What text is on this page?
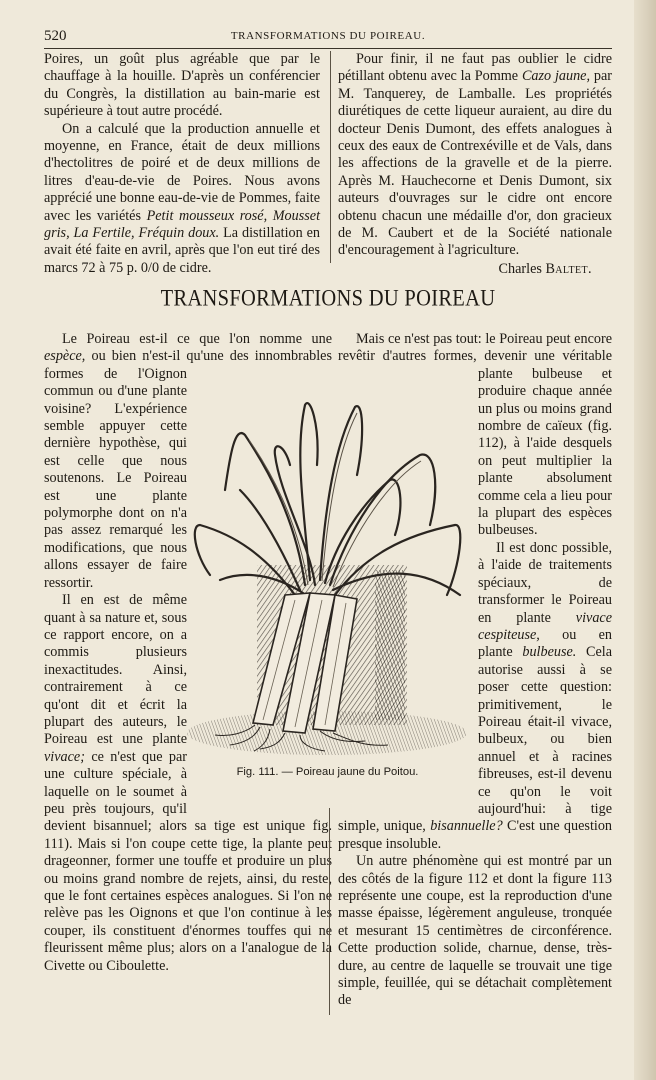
520	TRANSFORMATIONS DU POIREAU.

Poires, un goût plus agréable que par le chauffage à la houille. D'après un conférencier du Congrès, la distillation au bain-marie est supérieure à tout autre procédé.

On a calculé que la production annuelle et moyenne, en France, était de deux millions d'hectolitres de poiré et de deux millions de litres d'eau-de-vie de Poires. Nous avons apprécié une bonne eau-de-vie de Pommes, faite avec les variétés Petit mousseux rosé, Mousset gris, La Fertile, Fréquin doux. La distillation en avait été faite en avril, après que l'on eut tiré des marcs 72 à 75 p. 0/0 de cidre.

Pour finir, il ne faut pas oublier le cidre pétillant obtenu avec la Pomme Cazo jaune, par M. Tanquerey, de Lamballe. Les propriétés diurétiques de cette liqueur auraient, au dire du docteur Denis Dumont, des effets analogues à ceux des eaux de Contrexéville et de Vals, dans les affections de la gravelle et de la pierre. Après M. Hauchecorne et Denis Dumont, six auteurs d'ouvrages sur le cidre ont encore obtenu chacun une médaille d'or, don gracieux de M. Caubert et de la Société nationale d'encouragement à l'agriculture.

Charles Baltet.
TRANSFORMATIONS DU POIREAU

Le Poireau est-il ce que l'on nomme une espèce, ou bien n'est-il qu'une des innombrables formes de l'Oignon commun ou d'une plante voisine? L'expérience semble appuyer cette dernière hypothèse, qui est celle que nous soutenons. Le Poireau est une plante polymorphe dont on n'a pas assez remarqué les modifications, que nous allons essayer de faire ressortir.

Il en est de même quant à sa nature et, sous ce rapport encore, on a commis plusieurs inexactitudes. Ainsi, contrairement à ce qu'ont dit et écrit la plupart des auteurs, le Poireau est une plante vivace; ce n'est que par une culture spéciale, à laquelle on le soumet à peu près toujours, qu'il devient bisannuel; alors sa tige est unique fig. 111). Mais si l'on coupe cette tige, la plante peut drageonner, former une touffe et produire un plus ou moins grand nombre de rejets, ainsi, du reste, que le font certaines espèces analogues. Si l'on ne relève pas les Oignons et que l'on continue à les couper, ils constituent d'énormes touffes qui ne fleurissent même plus; alors on a l'analogue de la Civette ou Ciboulette.

Mais ce n'est pas tout: le Poireau peut encore revêtir d'autres formes, devenir une véritable plante bulbeuse et produire chaque année un plus ou moins grand nombre de caïeux (fig. 112), à l'aide desquels on peut multiplier la plante absolument comme cela a lieu pour la plupart des espèces bulbeuses.

Il est donc possible, à l'aide de traitements spéciaux, de transformer le Poireau en plante vivace cespiteuse, ou en plante bulbeuse. Cela autorise aussi à se poser cette question: primitivement, le Poireau était-il vivace, bulbeux, ou bien annuel et à racines fibreuses, est-il devenu ce qu'on le voit aujourd'hui: à tige simple, unique, bisannuelle? C'est une question presque insoluble.

Un autre phénomène qui est montré par un des côtés de la figure 112 et dont la figure 113 représente une coupe, est la reproduction d'une masse épaisse, légèrement anguleuse, tronquée et mesurant 15 centimètres de circonférence. Cette production solide, charnue, dense, très-dure, au centre de laquelle se trouvait une tige simple, feuillée, qui se détachait complètement de

Fig. 111. — Poireau jaune du Poitou.
